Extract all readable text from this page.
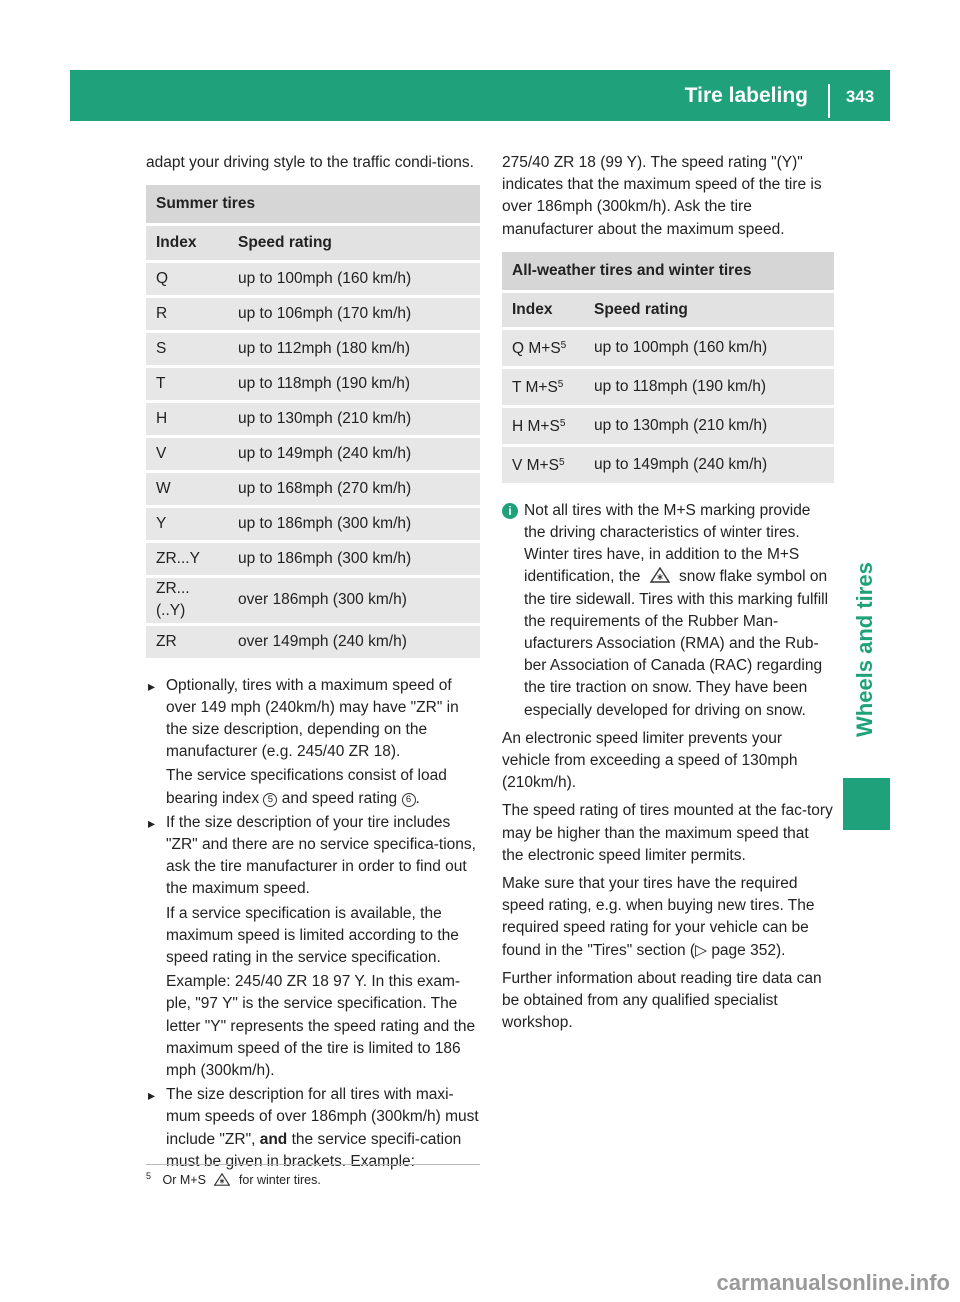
Tire labeling	343
Wheels and tires

adapt your driving style to the traffic condi-tions.

Summer tires	
Index	Speed rating
Q	up to 100mph (160 km/h)
R	up to 106mph (170 km/h)
S	up to 112mph (180 km/h)
T	up to 118mph (190 km/h)
H	up to 130mph (210 km/h)
V	up to 149mph (240 km/h)
W	up to 168mph (270 km/h)
Y	up to 186mph (300 km/h)
ZR...Y	up to 186mph (300 km/h)
ZR...(..Y)	over 186mph (300 km/h)
ZR	over 149mph (240 km/h)

▸ Optionally, tires with a maximum speed of over 149 mph (240km/h) may have "ZR" in the size description, depending on the manufacturer (e.g. 245/40 ZR 18).

The service specifications consist of load bearing index 5 and speed rating 6 .

▸ If the size description of your tire includes "ZR" and there are no service specifica-tions, ask the tire manufacturer in order to find out the maximum speed.

If a service specification is available, the maximum speed is limited according to the speed rating in the service specification.

Example: 245/40 ZR 18 97 Y. In this exam-ple, "97 Y" is the service specification. The letter "Y" represents the speed rating and the maximum speed of the tire is limited to 186 mph (300km/h).

▸ The size description for all tires with maxi-mum speeds of over 186mph (300km/h) must include "ZR", and the service specifi-cation must be given in brackets. Example:

275/40 ZR 18 (99 Y). The speed rating "(Y)" indicates that the maximum speed of the tire is over 186mph (300km/h). Ask the tire manufacturer about the maximum speed.

All-weather tires and winter tires	
Index	Speed rating
Q $M+S^5$	up to 100mph (160 km/h)
T $M+S^5$	up to 118mph (190 km/h)
H $M+S^5$	up to 130mph (210 km/h)
V $M+S^5$	up to 149mph (240 km/h)
i Not all tires with the M+S marking provide the driving characteristics of winter tires. Winter tires have, in addition to the M+S identification, the snow flake symbol on the tire sidewall. Tires with this marking fulfill the requirements of the Rubber Man-ufacturers Association (RMA) and the Rub-ber Association of Canada (RAC) regarding the tire traction on snow. They have been especially developed for driving on snow.

An electronic speed limiter prevents your vehicle from exceeding a speed of 130mph (210km/h).

The speed rating of tires mounted at the fac-tory may be higher than the maximum speed that the electronic speed limiter permits.

Make sure that your tires have the required speed rating, e.g. when buying new tires. The required speed rating for your vehicle can be found in the "Tires" section (▷ page 352).

Further information about reading tire data can be obtained from any qualified specialist workshop.

$^5$ Or M+S	for winter tires.
carmanualsonline.info
